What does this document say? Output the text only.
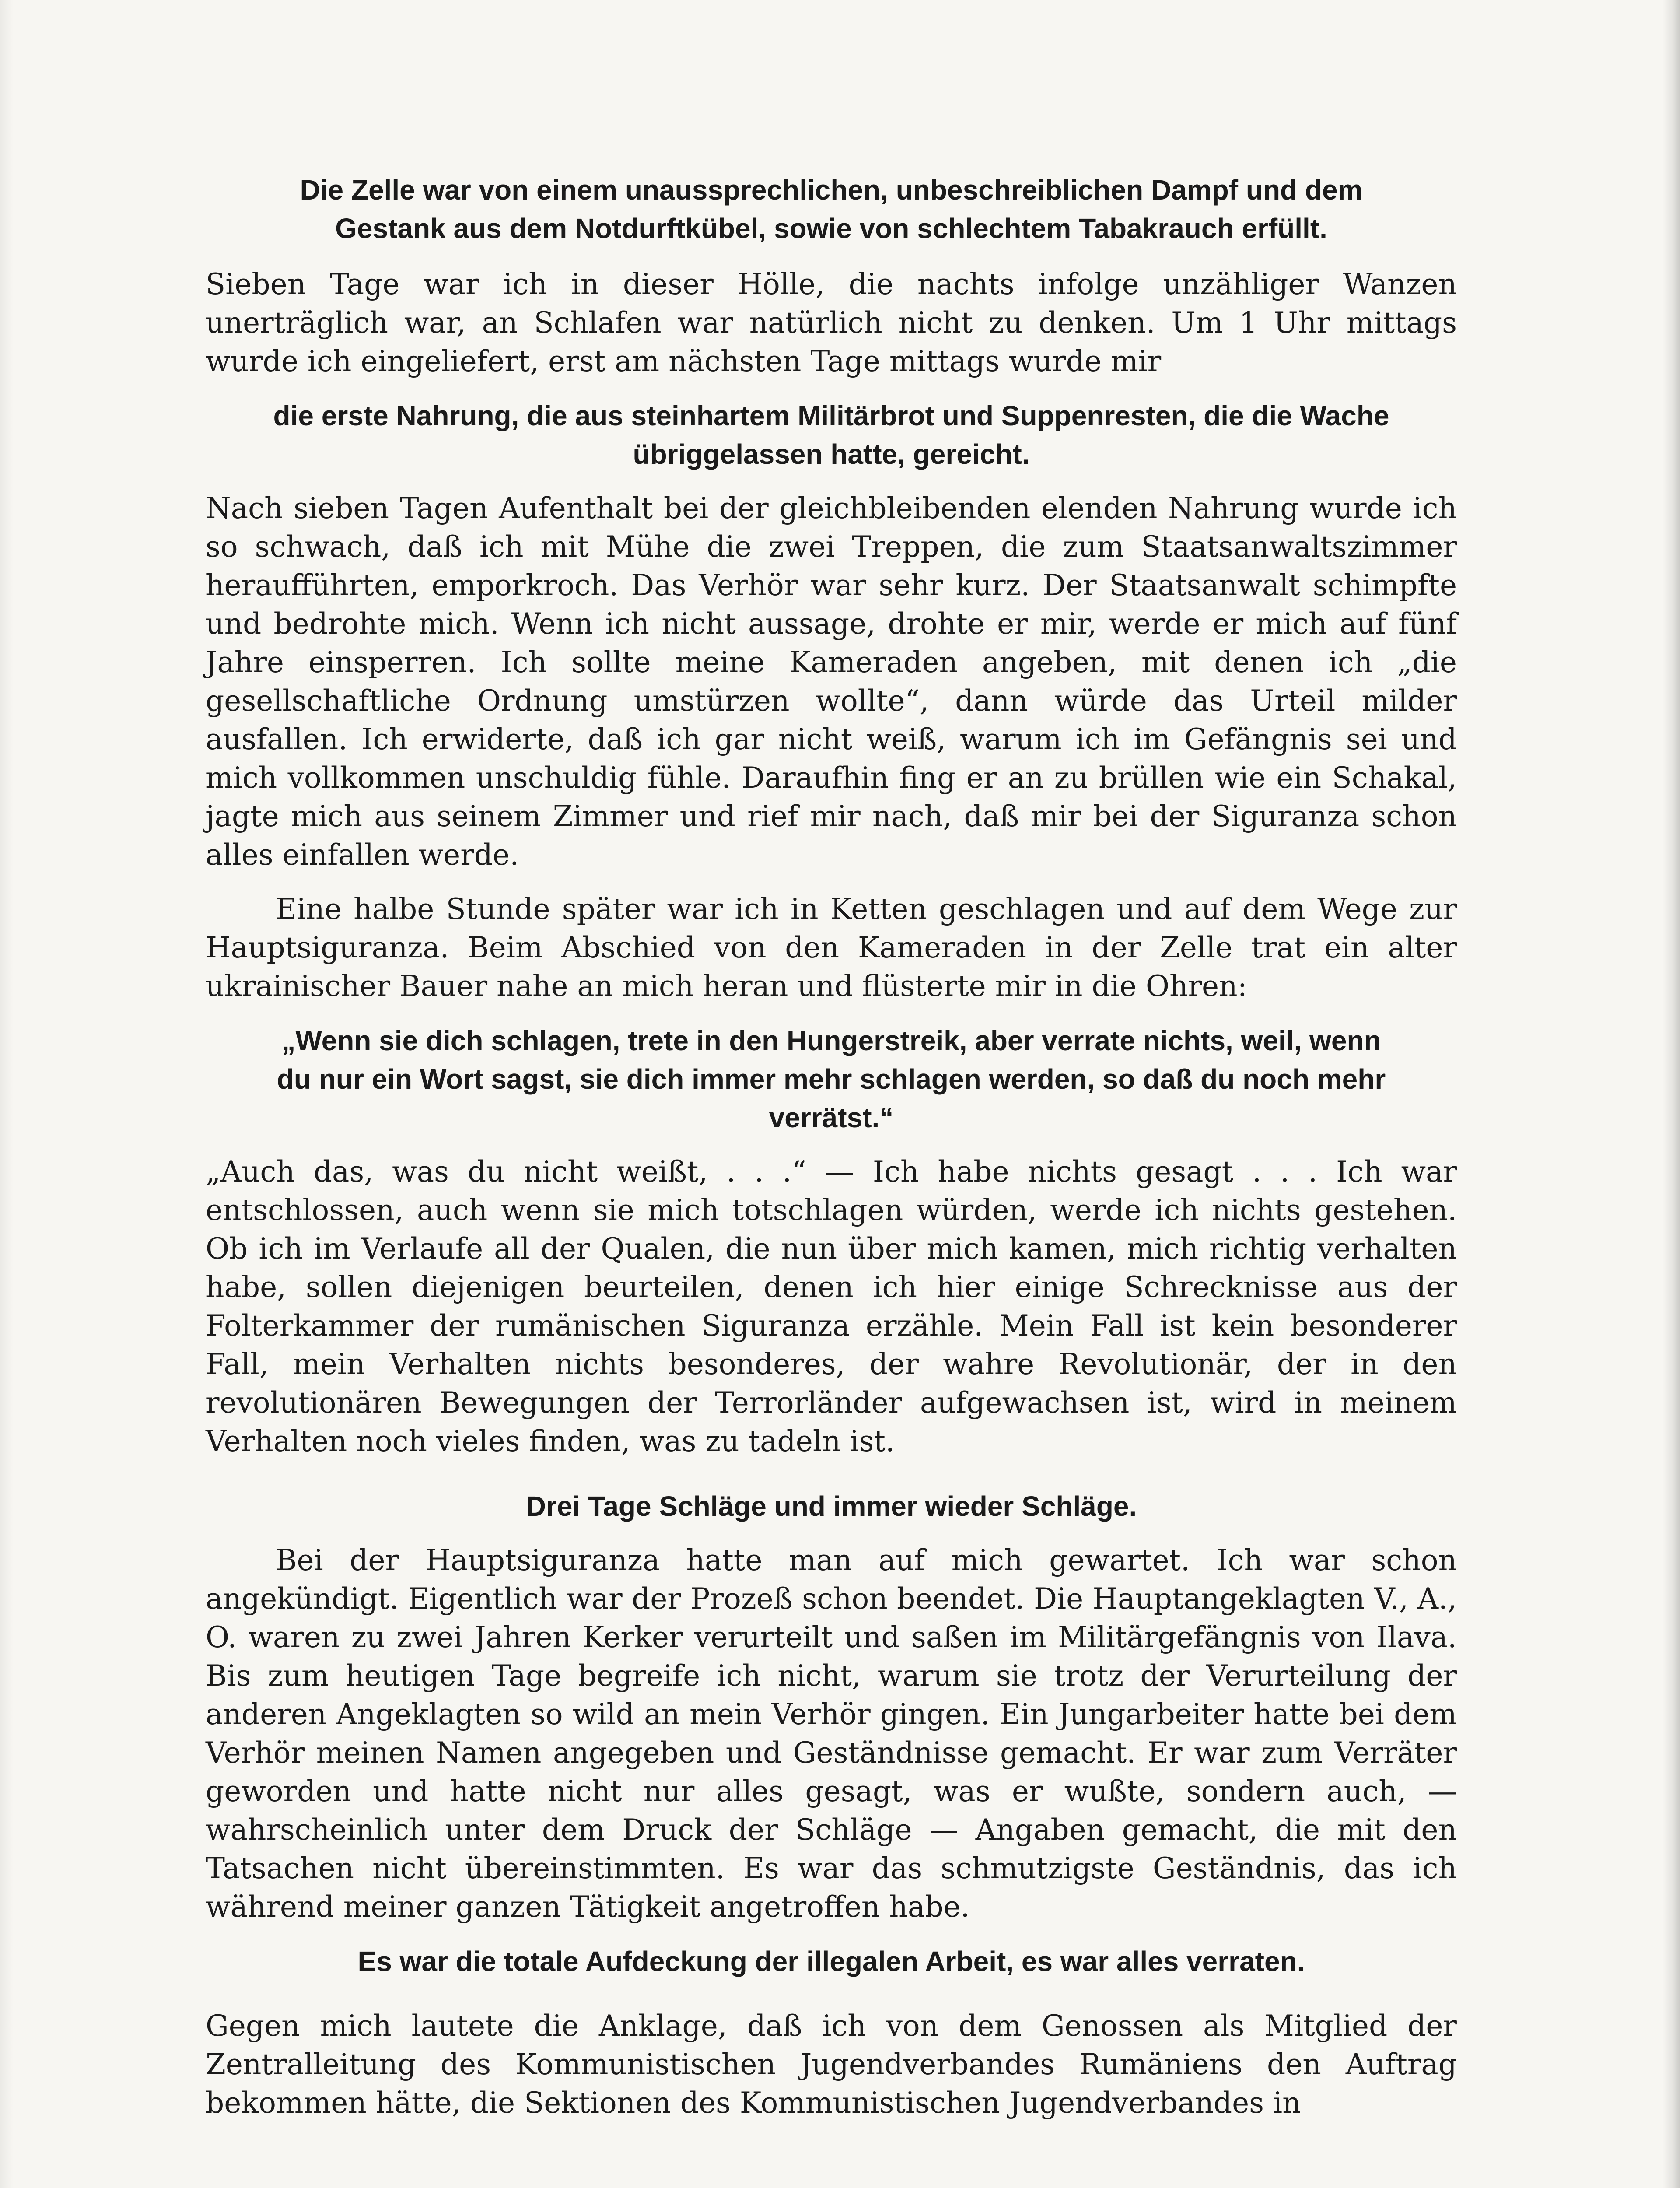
Die Zelle war von einem unaussprechlichen, unbeschreiblichen Dampf und dem Gestank aus dem Notdurftkübel, sowie von schlechtem Tabakrauch erfüllt.

Sieben Tage war ich in dieser Hölle, die nachts infolge unzähliger Wanzen unerträglich war, an Schlafen war natürlich nicht zu denken. Um 1 Uhr mittags wurde ich eingeliefert, erst am nächsten Tage mittags wurde mir

die erste Nahrung, die aus steinhartem Militärbrot und Suppenresten, die die Wache übriggelassen hatte, gereicht.

Nach sieben Tagen Aufenthalt bei der gleichbleibenden elenden Nahrung wurde ich so schwach, daß ich mit Mühe die zwei Treppen, die zum Staatsanwaltszimmer heraufführten, emporkroch. Das Verhör war sehr kurz. Der Staatsanwalt schimpfte und bedrohte mich. Wenn ich nicht aussage, drohte er mir, werde er mich auf fünf Jahre einsperren. Ich sollte meine Kameraden angeben, mit denen ich „die gesellschaftliche Ordnung umstürzen wollte“, dann würde das Urteil milder ausfallen. Ich erwiderte, daß ich gar nicht weiß, warum ich im Gefängnis sei und mich vollkommen unschuldig fühle. Daraufhin fing er an zu brüllen wie ein Schakal, jagte mich aus seinem Zimmer und rief mir nach, daß mir bei der Siguranza schon alles einfallen werde.

Eine halbe Stunde später war ich in Ketten geschlagen und auf dem Wege zur Hauptsiguranza. Beim Abschied von den Kameraden in der Zelle trat ein alter ukrainischer Bauer nahe an mich heran und flüsterte mir in die Ohren:

„Wenn sie dich schlagen, trete in den Hungerstreik, aber verrate nichts, weil, wenn du nur ein Wort sagst, sie dich immer mehr schlagen werden, so daß du noch mehr verrätst.“

„Auch das, was du nicht weißt, . . .“ — Ich habe nichts gesagt . . . Ich war entschlossen, auch wenn sie mich totschlagen würden, werde ich nichts gestehen. Ob ich im Verlaufe all der Qualen, die nun über mich kamen, mich richtig verhalten habe, sollen diejenigen beurteilen, denen ich hier einige Schrecknisse aus der Folterkammer der rumänischen Siguranza erzähle. Mein Fall ist kein besonderer Fall, mein Verhalten nichts besonderes, der wahre Revolutionär, der in den revolutionären Bewegungen der Terrorländer aufgewachsen ist, wird in meinem Verhalten noch vieles finden, was zu tadeln ist.

Drei Tage Schläge und immer wieder Schläge.

Bei der Hauptsiguranza hatte man auf mich gewartet. Ich war schon angekündigt. Eigentlich war der Prozeß schon beendet. Die Hauptangeklagten V., A., O. waren zu zwei Jahren Kerker verurteilt und saßen im Militärgefängnis von Ilava. Bis zum heutigen Tage begreife ich nicht, warum sie trotz der Verurteilung der anderen Angeklagten so wild an mein Verhör gingen. Ein Jungarbeiter hatte bei dem Verhör meinen Namen angegeben und Geständnisse gemacht. Er war zum Verräter geworden und hatte nicht nur alles gesagt, was er wußte, sondern auch, — wahrscheinlich unter dem Druck der Schläge — Angaben gemacht, die mit den Tatsachen nicht übereinstimmten. Es war das schmutzigste Geständnis, das ich während meiner ganzen Tätigkeit angetroffen habe.

Es war die totale Aufdeckung der illegalen Arbeit, es war alles verraten.

Gegen mich lautete die Anklage, daß ich von dem Genossen als Mitglied der Zentralleitung des Kommunistischen Jugendverbandes Rumäniens den Auftrag bekommen hätte, die Sektionen des Kommunistischen Jugendverbandes in
